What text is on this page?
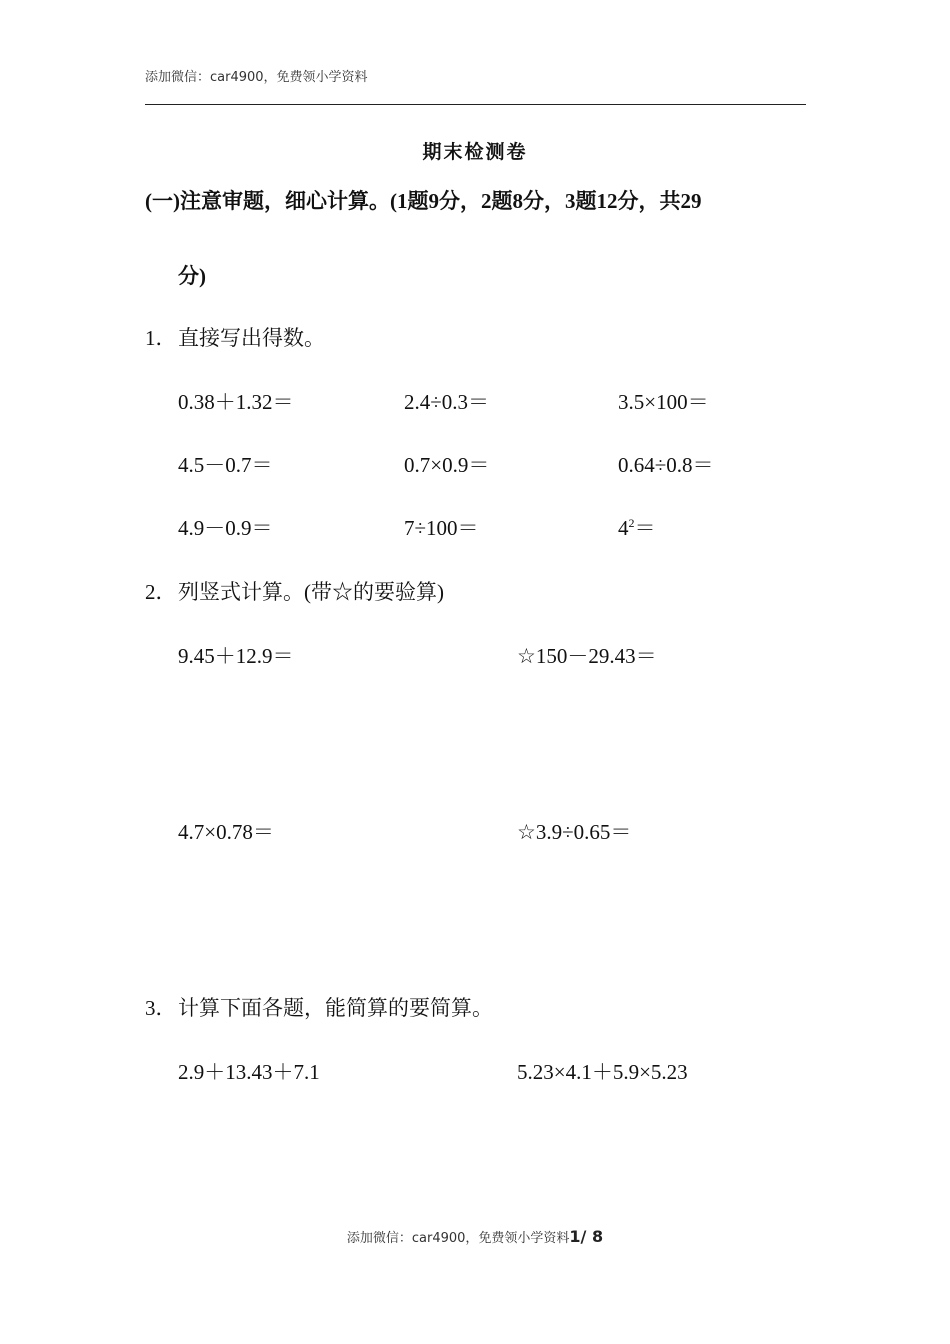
添加微信：car4900，免费领小学资料
期末检测卷
(一)注意审题，细心计算。(1题9分，2题8分，3题12分，共29
分)
1．直接写出得数。
0.38＋1.32＝	2.4÷0.3＝	3.5×100＝
4.5－0.7＝	0.7×0.9＝	0.64÷0.8＝
4.9－0.9＝	7÷100＝	$4^2=$
2．列竖式计算。(带☆的要验算)
9.45＋12.9＝	☆150－29.43＝
4.7×0.78＝	☆3.9÷0.65＝
3．计算下面各题，能简算的要简算。
2.9＋13.43＋7.1	5.23×4.1＋5.9×5.23
添加微信：car4900，免费领小学资料1/ 8
